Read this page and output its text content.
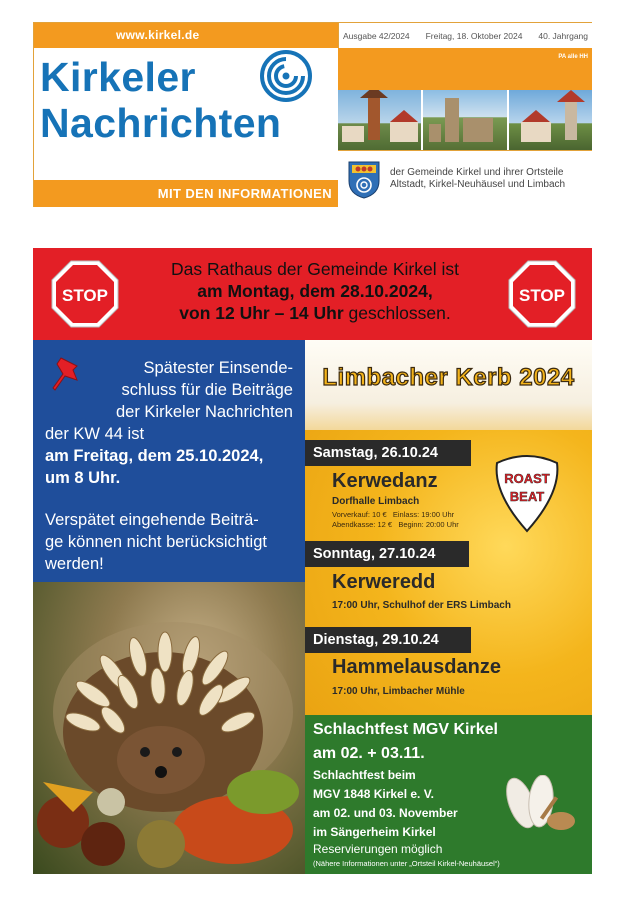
www.kirkel.de
Kirkeler
Nachrichten
MIT DEN INFORMATIONEN
Ausgabe 42/2024 Freitag, 18. Oktober 2024 40. Jahrgang
PA alle HH
der Gemeinde Kirkel und ihrer Ortsteile
Altstadt, Kirkel-Neuhäusel und Limbach
STOP
Das Rathaus der Gemeinde Kirkel ist
am Montag, dem 28.10.2024,
von 12 Uhr – 14 Uhr geschlossen.
STOP
Spätester Einsende-
schluss für die Beiträge
der Kirkeler Nachrichten
der KW 44 ist
am Freitag, dem 25.10.2024,
um 8 Uhr.
Verspätet eingehende Beiträ-
ge können nicht berücksichtigt
werden!
Limbacher Kerb 2024
Samstag, 26.10.24
Kerwedanz
Dorfhalle Limbach
Vorverkauf: 10 € Einlass: 19:00 Uhr
Abendkasse: 12 € Beginn: 20:00 Uhr
ROAST
BEAT
Sonntag, 27.10.24
Kerweredd
17:00 Uhr, Schulhof der ERS Limbach
Dienstag, 29.10.24
Hammelausdanze
17:00 Uhr, Limbacher Mühle
Schlachtfest MGV Kirkel
am 02. + 03.11.
Schlachtfest beim
MGV 1848 Kirkel e. V.
am 02. und 03. November
im Sängerheim Kirkel
Reservierungen möglich
(Nähere Informationen unter „Ortsteil Kirkel-Neuhäusel“)
